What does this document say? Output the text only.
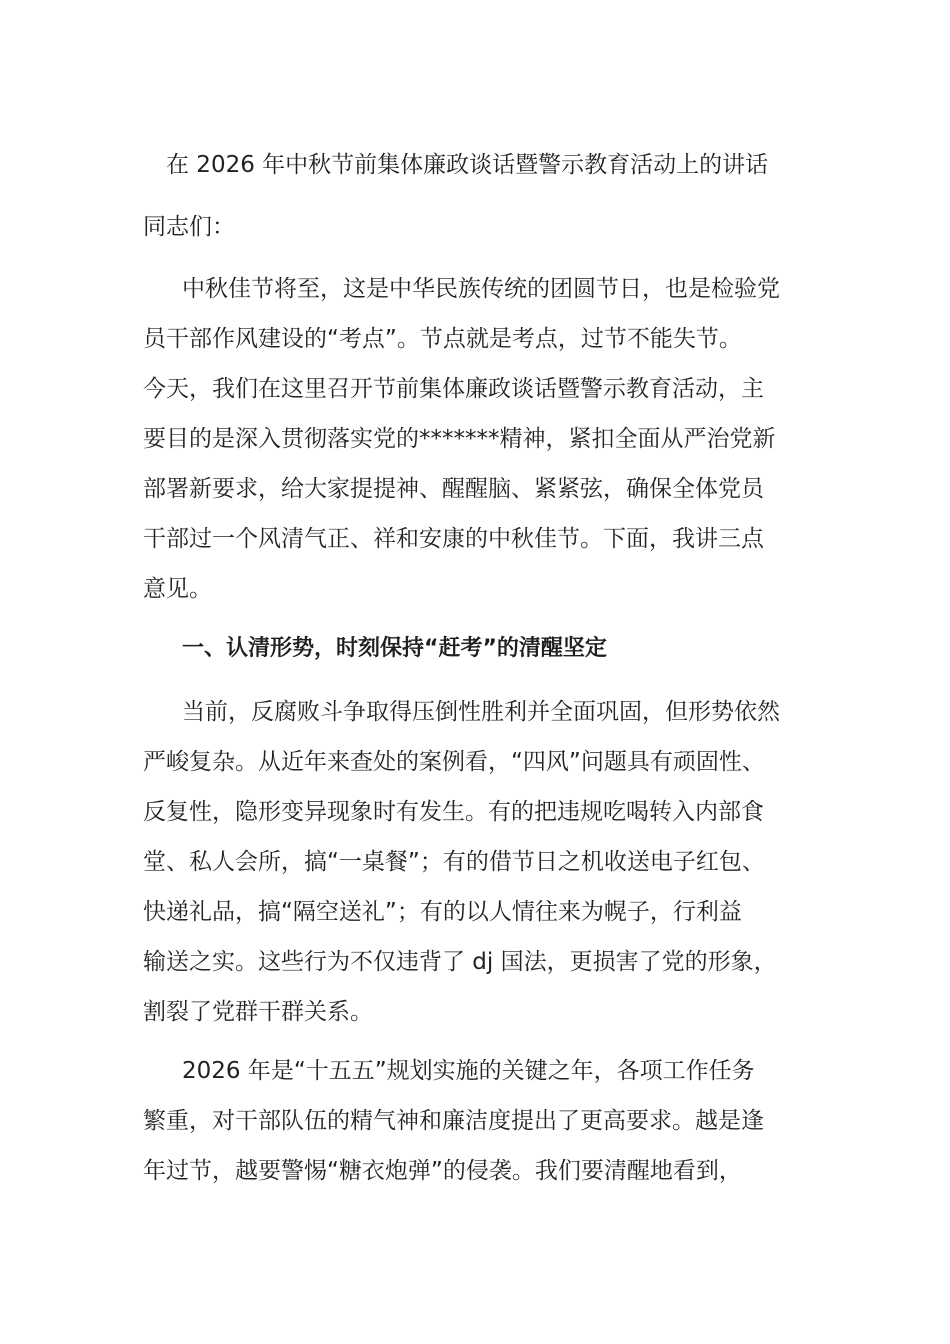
在 2026 年中秋节前集体廉政谈话暨警示教育活动上的讲话

同志们：

中秋佳节将至，这是中华民族传统的团圆节日，也是检验党
员干部作风建设的“考点”。节点就是考点，过节不能失节。
今天，我们在这里召开节前集体廉政谈话暨警示教育活动，主
要目的是深入贯彻落实党的*******精神，紧扣全面从严治党新
部署新要求，给大家提提神、醒醒脑、紧紧弦，确保全体党员
干部过一个风清气正、祥和安康的中秋佳节。下面，我讲三点
意见。
一、认清形势，时刻保持“赶考”的清醒坚定
当前，反腐败斗争取得压倒性胜利并全面巩固，但形势依然
严峻复杂。从近年来查处的案例看，“四风”问题具有顽固性、
反复性，隐形变异现象时有发生。有的把违规吃喝转入内部食
堂、私人会所，搞“一桌餐”；有的借节日之机收送电子红包、
快递礼品，搞“隔空送礼”；有的以人情往来为幌子，行利益
输送之实。这些行为不仅违背了 dj 国法，更损害了党的形象，
割裂了党群干群关系。
2026 年是“十五五”规划实施的关键之年，各项工作任务
繁重，对干部队伍的精气神和廉洁度提出了更高要求。越是逢
年过节，越要警惕“糖衣炮弹”的侵袭。我们要清醒地看到，
